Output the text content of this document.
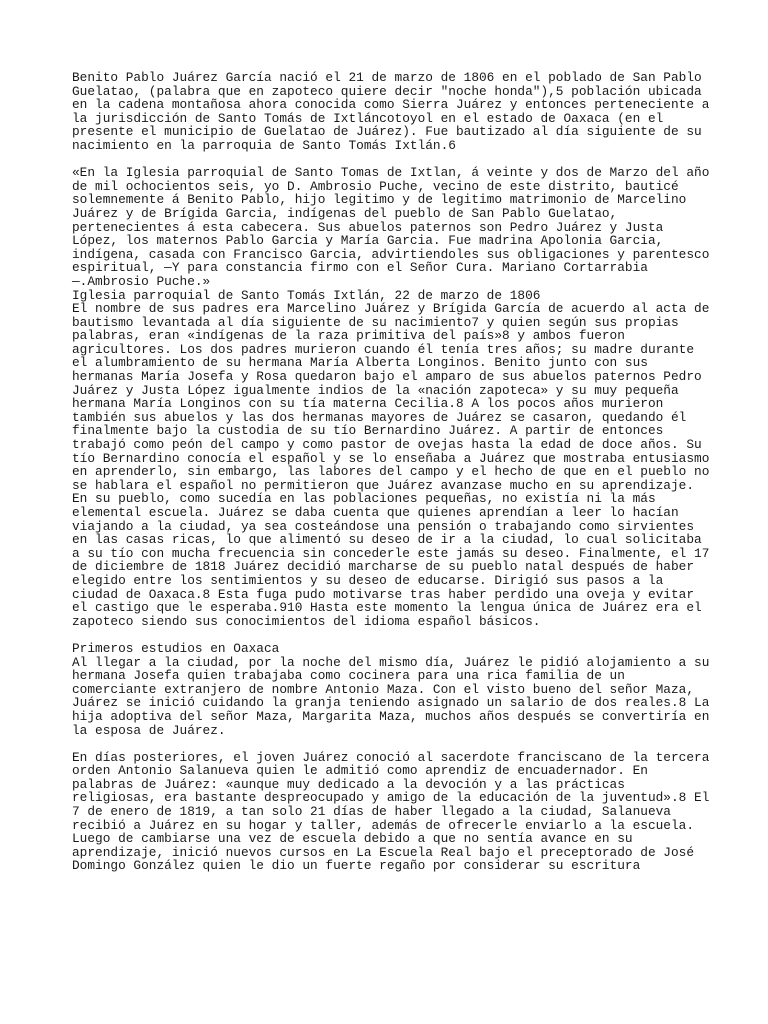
Benito Pablo Juárez García nació el 21 de marzo de 1806 en el poblado de San Pablo
Guelatao, (palabra que en zapoteco quiere decir "noche honda"),5 población ubicada
en la cadena montañosa ahora conocida como Sierra Juárez y entonces perteneciente a
la jurisdicción de Santo Tomás de Ixtláncotoyol en el estado de Oaxaca (en el
presente el municipio de Guelatao de Juárez). Fue bautizado al día siguiente de su
nacimiento en la parroquia de Santo Tomás Ixtlán.6

«En la Iglesia parroquial de Santo Tomas de Ixtlan, á veinte y dos de Marzo del año
de mil ochocientos seis, yo D. Ambrosio Puche, vecino de este distrito, bauticé
solemnemente á Benito Pablo, hijo legitimo y de legitimo matrimonio de Marcelino
Juárez y de Brígida Garcia, indígenas del pueblo de San Pablo Guelatao,
pertenecientes á esta cabecera. Sus abuelos paternos son Pedro Juárez y Justa
López, los maternos Pablo Garcia y María Garcia. Fue madrina Apolonia Garcia,
indígena, casada con Francisco Garcia, advirtiendoles sus obligaciones y parentesco
espiritual, —Y para constancia firmo con el Señor Cura. Mariano Cortarrabia
—.Ambrosio Puche.»

Iglesia parroquial de Santo Tomás Ixtlán, 22 de marzo de 1806

El nombre de sus padres era Marcelino Juárez y Brígida García de acuerdo al acta de
bautismo levantada al día siguiente de su nacimiento7 y quien según sus propias
palabras, eran «indígenas de la raza primitiva del país»8 y ambos fueron
agricultores. Los dos padres murieron cuando él tenía tres años; su madre durante
el alumbramiento de su hermana María Alberta Longinos. Benito junto con sus
hermanas María Josefa y Rosa quedaron bajo el amparo de sus abuelos paternos Pedro
Juárez y Justa López igualmente indios de la «nación zapoteca» y su muy pequeña
hermana María Longinos con su tía materna Cecilia.8 A los pocos años murieron
también sus abuelos y las dos hermanas mayores de Juárez se casaron, quedando él
finalmente bajo la custodia de su tío Bernardino Juárez. A partir de entonces
trabajó como peón del campo y como pastor de ovejas hasta la edad de doce años. Su
tío Bernardino conocía el español y se lo enseñaba a Juárez que mostraba entusiasmo
en aprenderlo, sin embargo, las labores del campo y el hecho de que en el pueblo no
se hablara el español no permitieron que Juárez avanzase mucho en su aprendizaje.
En su pueblo, como sucedía en las poblaciones pequeñas, no existía ni la más
elemental escuela. Juárez se daba cuenta que quienes aprendían a leer lo hacían
viajando a la ciudad, ya sea costeándose una pensión o trabajando como sirvientes
en las casas ricas, lo que alimentó su deseo de ir a la ciudad, lo cual solicitaba
a su tío con mucha frecuencia sin concederle este jamás su deseo. Finalmente, el 17
de diciembre de 1818 Juárez decidió marcharse de su pueblo natal después de haber
elegido entre los sentimientos y su deseo de educarse. Dirigió sus pasos a la
ciudad de Oaxaca.8 Esta fuga pudo motivarse tras haber perdido una oveja y evitar
el castigo que le esperaba.910 Hasta este momento la lengua única de Juárez era el
zapoteco siendo sus conocimientos del idioma español básicos.

Primeros estudios en Oaxaca

Al llegar a la ciudad, por la noche del mismo día, Juárez le pidió alojamiento a su
hermana Josefa quien trabajaba como cocinera para una rica familia de un
comerciante extranjero de nombre Antonio Maza. Con el visto bueno del señor Maza,
Juárez se inició cuidando la granja teniendo asignado un salario de dos reales.8 La
hija adoptiva del señor Maza, Margarita Maza, muchos años después se convertiría en
la esposa de Juárez.

En días posteriores, el joven Juárez conoció al sacerdote franciscano de la tercera
orden Antonio Salanueva quien le admitió como aprendiz de encuadernador. En
palabras de Juárez: «aunque muy dedicado a la devoción y a las prácticas
religiosas, era bastante despreocupado y amigo de la educación de la juventud».8 El
7 de enero de 1819, a tan solo 21 días de haber llegado a la ciudad, Salanueva
recibió a Juárez en su hogar y taller, además de ofrecerle enviarlo a la escuela.
Luego de cambiarse una vez de escuela debido a que no sentía avance en su
aprendizaje, inició nuevos cursos en La Escuela Real bajo el preceptorado de José
Domingo González quien le dio un fuerte regaño por considerar su escritura
